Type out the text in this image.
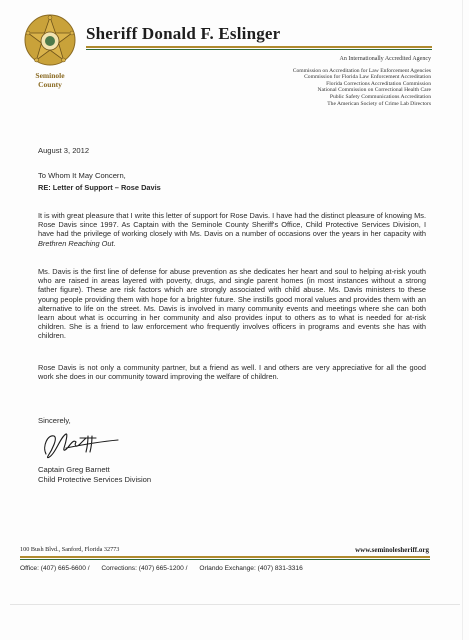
Seminole
County
Sheriff Donald F. Eslinger
An Internationally Accredited Agency
Commission on Accreditation for Law Enforcement Agencies
Commission for Florida Law Enforcement Accreditation
Florida Corrections Accreditation Commission
National Commission on Correctional Health Care
Public Safety Communications Accreditation
The American Society of Crime Lab Directors
August 3, 2012
To Whom It May Concern,
RE: Letter of Support – Rose Davis
It is with great pleasure that I write this letter of support for Rose Davis. I have had the distinct pleasure of knowing Ms. Rose Davis since 1997. As Captain with the Seminole County Sheriff's Office, Child Protective Services Division, I have had the privilege of working closely with Ms. Davis on a number of occasions over the years in her capacity with Brethren Reaching Out.
Ms. Davis is the first line of defense for abuse prevention as she dedicates her heart and soul to helping at-risk youth who are raised in areas layered with poverty, drugs, and single parent homes (in most instances without a strong father figure). These are risk factors which are strongly associated with child abuse. Ms. Davis ministers to these young people providing them with hope for a brighter future. She instills good moral values and provides them with an alternative to life on the street. Ms. Davis is involved in many community events and meetings where she can both learn about what is occurring in her community and also provides input to others as to what is needed for at-risk children. She is a friend to law enforcement who frequently involves officers in programs and events she has with children.
Rose Davis is not only a community partner, but a friend as well. I and others are very appreciative for all the good work she does in our community toward improving the welfare of children.
Sincerely,
Captain Greg Barnett
Child Protective Services Division
100 Bush Blvd., Sanford, Florida 32773	www.seminolesheriff.org
Office: (407) 665-6600 / Corrections: (407) 665-1200 / Orlando Exchange: (407) 831-3316
